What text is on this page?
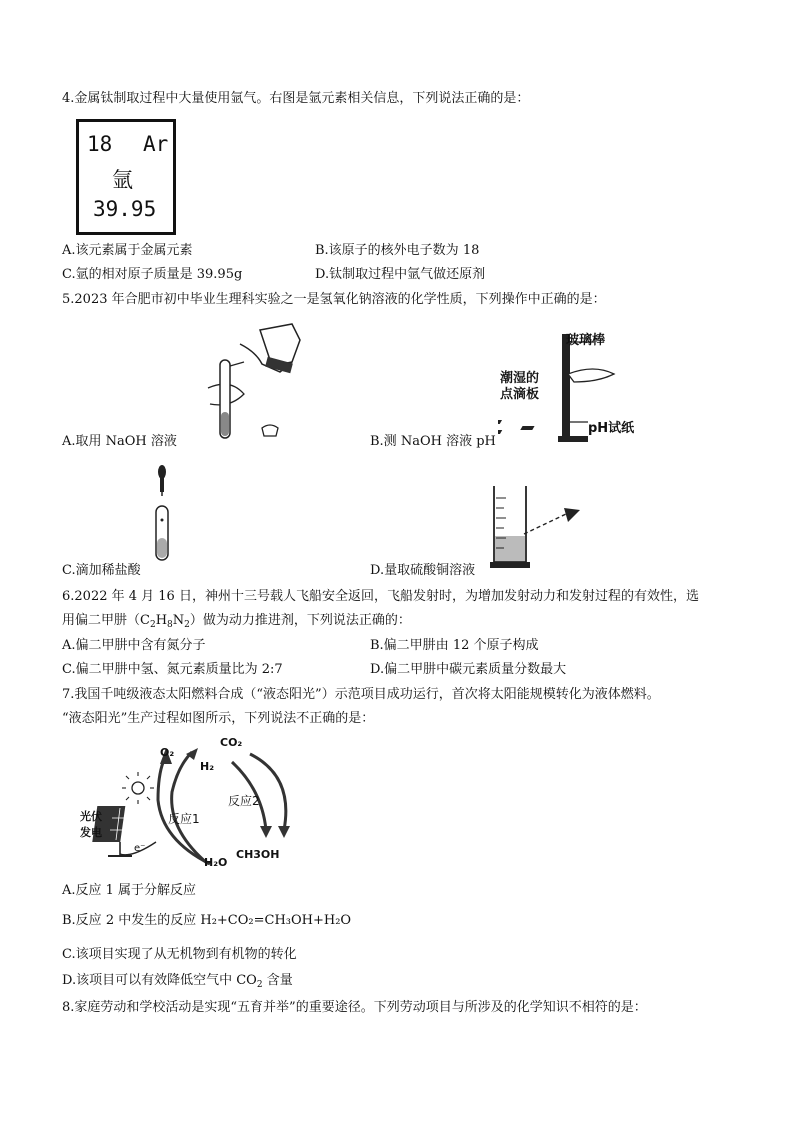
4.金属钛制取过程中大量使用氩气。右图是氩元素相关信息，下列说法正确的是：
18 Ar
氩
39.95
A.该元素属于金属元素	B.该原子的核外电子数为 18
C.氩的相对原子质量是 39.95g	D.钛制取过程中氩气做还原剂
5.2023 年合肥市初中毕业生理科实验之一是氢氧化钠溶液的化学性质，下列操作中正确的是：
A.取用 NaOH 溶液
玻璃棒
潮湿的
点滴板
pH试纸
B.测 NaOH 溶液 pH
C.滴加稀盐酸	D.量取硫酸铜溶液
6.2022 年 4 月 16 日，神州十三号载人飞船安全返回，飞船发射时，为增加发射动力和发射过程的有效性，选
用偏二甲肼$(C_2H_8N_2)$做为动力推进剂，下列说法正确的：
A.偏二甲肼中含有氮分子	B.偏二甲肼由 12 个原子构成
C.偏二甲肼中氢、氮元素质量比为 2:7	D.偏二甲肼中碳元素质量分数最大
7.我国千吨级液态太阳燃料合成（“液态阳光”）示范项目成功运行，首次将太阳能规模转化为液体燃料。
“液态阳光”生产过程如图所示，下列说法不正确的是：
O₂
H₂
CO₂
反应2
反应1
光伏
发电
e⁻
H₂O
CH3OH
A.反应 1 属于分解反应
B.反应 2 中发生的反应 H₂+CO₂=CH₃OH+H₂O
C.该项目实现了从无机物到有机物的转化
D.该项目可以有效降低空气中 $CO_2$ 含量
8.家庭劳动和学校活动是实现“五育并举”的重要途径。下列劳动项目与所涉及的化学知识不相符的是：
